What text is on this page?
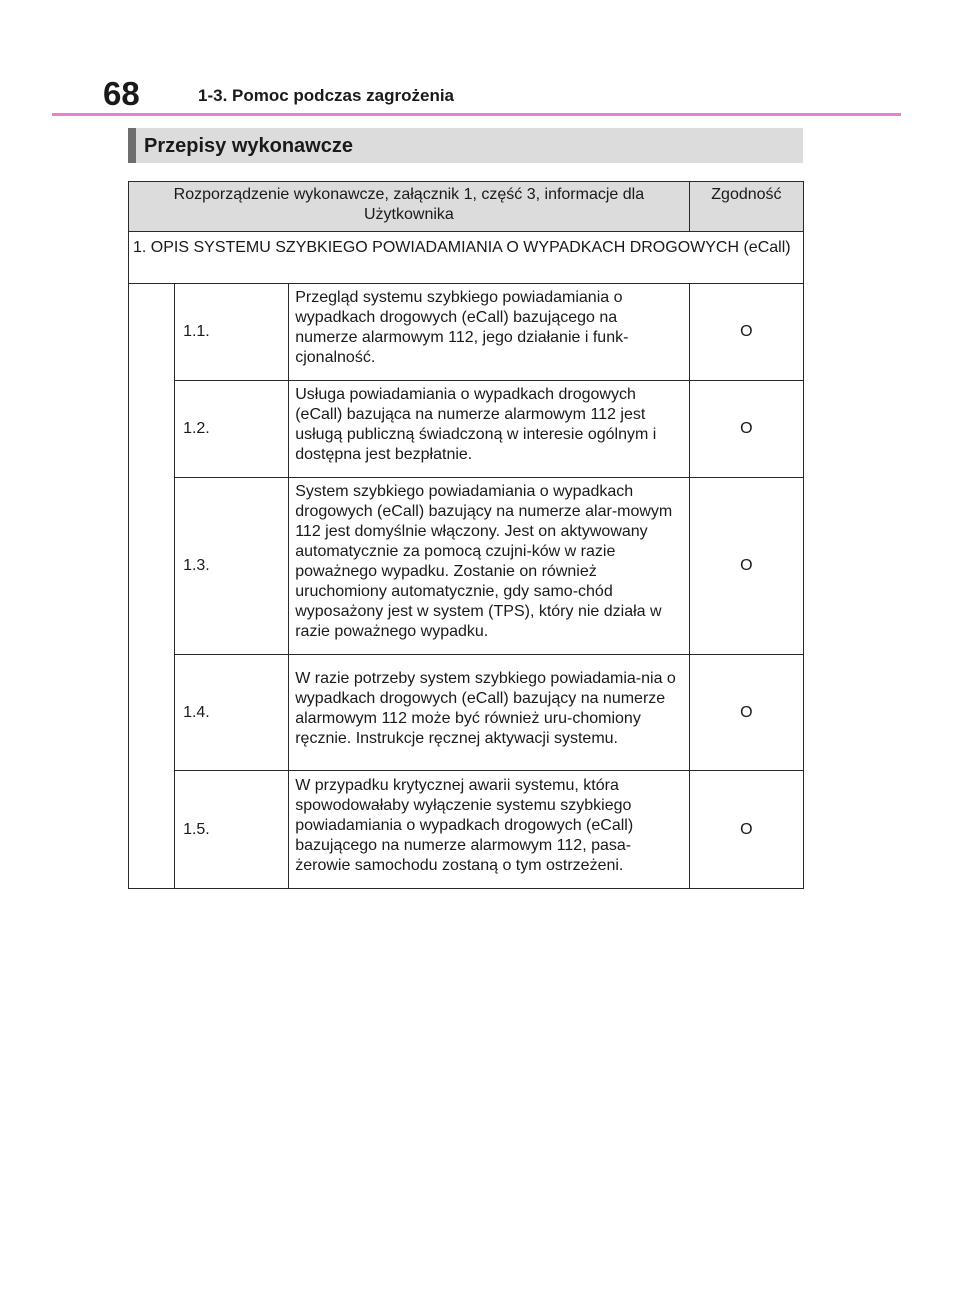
68	1-3. Pomoc podczas zagrożenia
Przepisy wykonawcze
Rozporządzenie wykonawcze, załącznik 1, część 3, informacje dla Użytkownika			Zgodność
1. OPIS SYSTEMU SZYBKIEGO POWIADAMIANIA O WYPADKACH DROGOWYCH (eCall)			
	1.1.	Przegląd systemu szybkiego powiadamiania o wypadkach drogowych (eCall) bazującego na numerze alarmowym 112, jego działanie i funk-cjonalność.	O
	1.2.	Usługa powiadamiania o wypadkach drogowych (eCall) bazująca na numerze alarmowym 112 jest usługą publiczną świadczoną w interesie ogólnym i dostępna jest bezpłatnie.	O
	1.3.	System szybkiego powiadamiania o wypadkach drogowych (eCall) bazujący na numerze alar-mowym 112 jest domyślnie włączony. Jest on aktywowany automatycznie za pomocą czujni-ków w razie poważnego wypadku. Zostanie on również uruchomiony automatycznie, gdy samo-chód wyposażony jest w system (TPS), który nie działa w razie poważnego wypadku.	O
	1.4.	W razie potrzeby system szybkiego powiadamia-nia o wypadkach drogowych (eCall) bazujący na numerze alarmowym 112 może być również uru-chomiony ręcznie. Instrukcje ręcznej aktywacji systemu.	O
	1.5.	W przypadku krytycznej awarii systemu, która spowodowałaby wyłączenie systemu szybkiego powiadamiania o wypadkach drogowych (eCall) bazującego na numerze alarmowym 112, pasa-żerowie samochodu zostaną o tym ostrzeżeni.	O
